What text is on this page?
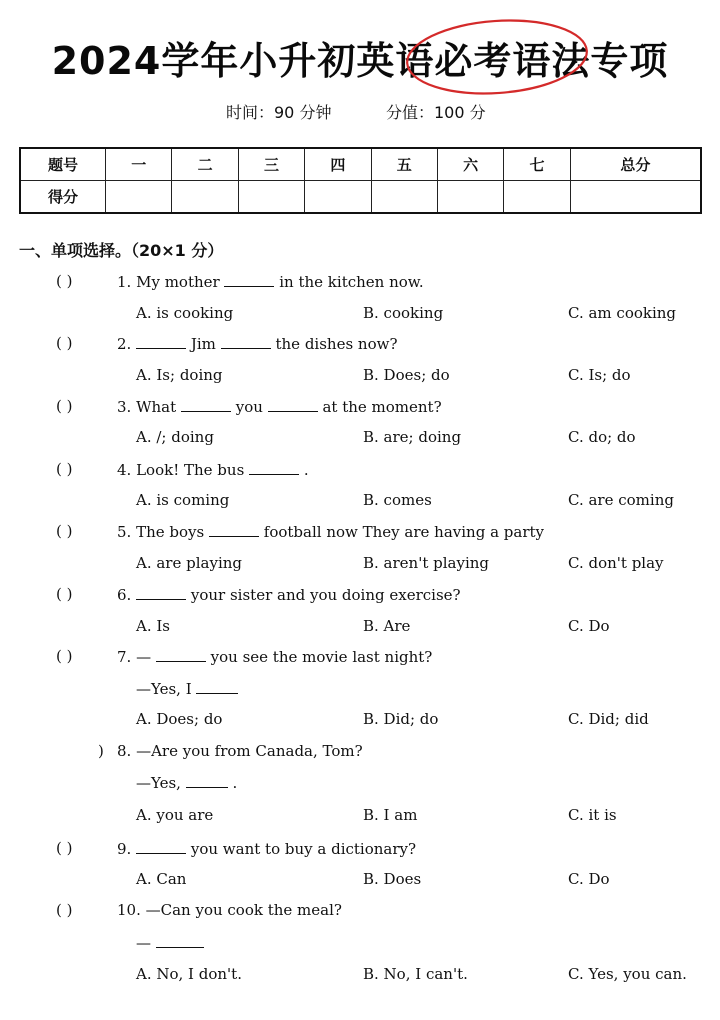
2024学年小升初英语必考语法专项
时间：90 分钟	分值：100 分
题号	一	二	三	四	五	六	七	总分
得分								
一、单项选择。（20×1 分）
( )	1. My mother	in the kitchen now.
A. is cooking	B. cooking	C. am cooking
( )	2.	Jim	the dishes now?
A. Is; doing	B. Does; do	C. Is; do
( )	3. What	you	at the moment?
A. /; doing	B. are; doing	C. do; do
( )	4. Look! The bus	.
A. is coming	B. comes	C. are coming
( )	5. The boys	football now They are having a party
A. are playing	B. aren't playing	C. don't play
( )	6.	your sister and you doing exercise?
A. Is	B. Are	C. Do
( )	7. —	you see the movie last night?
—Yes, I
A. Does; do	B. Did; do	C. Did; did
) 8. —Are you from Canada, Tom?
—Yes,	.
A. you are	B. I am	C. it is
( )	9.	you want to buy a dictionary?
A. Can	B. Does	C. Do
( )	10. —Can you cook the meal?
—
A. No, I don't.	B. No, I can't.	C. Yes, you can.
